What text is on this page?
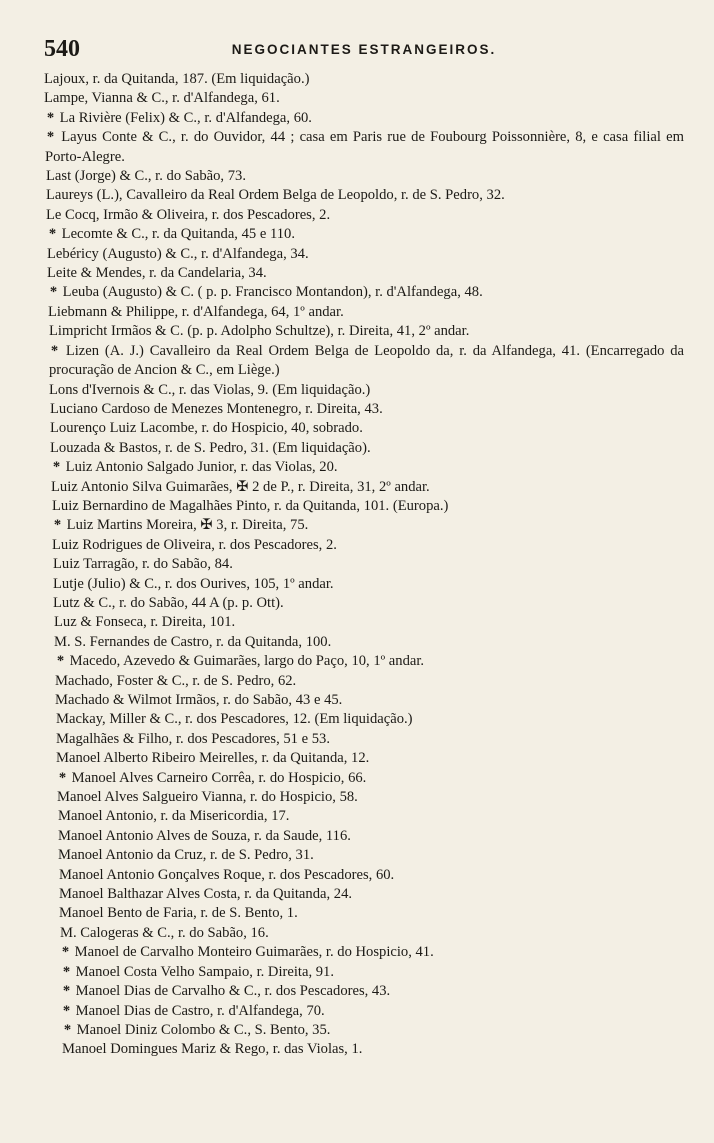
540	NEGOCIANTES ESTRANGEIROS.
Lajoux, r. da Quitanda, 187. (Em liquidação.)
Lampe, Vianna & C., r. d'Alfandega, 61.
* La Rivière (Felix) & C., r. d'Alfandega, 60.
* Layus Conte & C., r. do Ouvidor, 44 ; casa em Paris rue de Foubourg Poissonnière, 8, e casa filial em Porto-Alegre.
Last (Jorge) & C., r. do Sabão, 73.
Laureys (L.), Cavalleiro da Real Ordem Belga de Leopoldo, r. de S. Pedro, 32.
Le Cocq, Irmão & Oliveira, r. dos Pescadores, 2.
* Lecomte & C., r. da Quitanda, 45 e 110.
Lebéricy (Augusto) & C., r. d'Alfandega, 34.
Leite & Mendes, r. da Candelaria, 34.
* Leuba (Augusto) & C. ( p. p. Francisco Montandon), r. d'Alfandega, 48.
Liebmann & Philippe, r. d'Alfandega, 64, 1º andar.
Limpricht Irmãos & C. (p. p. Adolpho Schultze), r. Direita, 41, 2º andar.
* Lizen (A. J.) Cavalleiro da Real Ordem Belga de Leopoldo da, r. da Alfandega, 41. (Encarregado da procuração de Ancion & C., em Liège.)
Lons d'Ivernois & C., r. das Violas, 9. (Em liquidação.)
Luciano Cardoso de Menezes Montenegro, r. Direita, 43.
Lourenço Luiz Lacombe, r. do Hospicio, 40, sobrado.
Louzada & Bastos, r. de S. Pedro, 31. (Em liquidação).
* Luiz Antonio Salgado Junior, r. das Violas, 20.
Luiz Antonio Silva Guimarães, ✠ 2 de P., r. Direita, 31, 2º andar.
Luiz Bernardino de Magalhães Pinto, r. da Quitanda, 101. (Europa.)
* Luiz Martins Moreira, ✠ 3, r. Direita, 75.
Luiz Rodrigues de Oliveira, r. dos Pescadores, 2.
Luiz Tarragão, r. do Sabão, 84.
Lutje (Julio) & C., r. dos Ourives, 105, 1º andar.
Lutz & C., r. do Sabão, 44 A (p. p. Ott).
Luz & Fonseca, r. Direita, 101.
M. S. Fernandes de Castro, r. da Quitanda, 100.
* Macedo, Azevedo & Guimarães, largo do Paço, 10, 1º andar.
Machado, Foster & C., r. de S. Pedro, 62.
Machado & Wilmot Irmãos, r. do Sabão, 43 e 45.
Mackay, Miller & C., r. dos Pescadores, 12. (Em liquidação.)
Magalhães & Filho, r. dos Pescadores, 51 e 53.
Manoel Alberto Ribeiro Meirelles, r. da Quitanda, 12.
* Manoel Alves Carneiro Corrêa, r. do Hospicio, 66.
Manoel Alves Salgueiro Vianna, r. do Hospicio, 58.
Manoel Antonio, r. da Misericordia, 17.
Manoel Antonio Alves de Souza, r. da Saude, 116.
Manoel Antonio da Cruz, r. de S. Pedro, 31.
Manoel Antonio Gonçalves Roque, r. dos Pescadores, 60.
Manoel Balthazar Alves Costa, r. da Quitanda, 24.
Manoel Bento de Faria, r. de S. Bento, 1.
M. Calogeras & C., r. do Sabão, 16.
* Manoel de Carvalho Monteiro Guimarães, r. do Hospicio, 41.
* Manoel Costa Velho Sampaio, r. Direita, 91.
* Manoel Dias de Carvalho & C., r. dos Pescadores, 43.
* Manoel Dias de Castro, r. d'Alfandega, 70.
* Manoel Diniz Colombo & C., S. Bento, 35.
Manoel Domingues Mariz & Rego, r. das Violas, 1.
